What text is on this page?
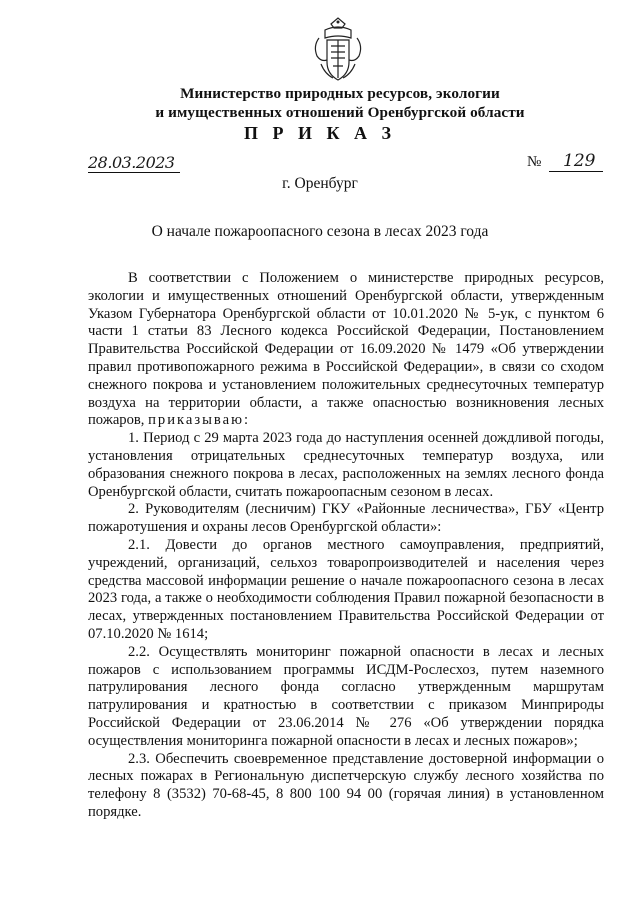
Министерство природных ресурсов, экологии
и имущественных отношений Оренбургской области
П Р И К А З
28.03.2023	№ 129
г. Оренбург
О начале пожароопасного сезона в лесах 2023 года

В соответствии с Положением о министерстве природных ресурсов, экологии и имущественных отношений Оренбургской области, утвержденным Указом Губернатора Оренбургской области от 10.01.2020 № 5-ук, с пунктом 6 части 1 статьи 83 Лесного кодекса Российской Федерации, Постановлением Правительства Российской Федерации от 16.09.2020 № 1479 «Об утверждении правил противопожарного режима в Российской Федерации», в связи со сходом снежного покрова и установлением положительных среднесуточных температур воздуха на территории области, а также опасностью возникновения лесных пожаров, приказываю:

1. Период с 29 марта 2023 года до наступления осенней дождливой погоды, установления отрицательных среднесуточных температур воздуха, или образования снежного покрова в лесах, расположенных на землях лесного фонда Оренбургской области, считать пожароопасным сезоном в лесах.

2. Руководителям (лесничим) ГКУ «Районные лесничества», ГБУ «Центр пожаротушения и охраны лесов Оренбургской области»:

2.1. Довести до органов местного самоуправления, предприятий, учреждений, организаций, сельхоз товаропроизводителей и населения через средства массовой информации решение о начале пожароопасного сезона в лесах 2023 года, а также о необходимости соблюдения Правил пожарной безопасности в лесах, утвержденных постановлением Правительства Российской Федерации от 07.10.2020 № 1614;

2.2. Осуществлять мониторинг пожарной опасности в лесах и лесных пожаров с использованием программы ИСДМ-Рослесхоз, путем наземного патрулирования лесного фонда согласно утвержденным маршрутам патрулирования и кратностью в соответствии с приказом Минприроды Российской Федерации от 23.06.2014 № 276 «Об утверждении порядка осуществления мониторинга пожарной опасности в лесах и лесных пожаров»;

2.3. Обеспечить своевременное представление достоверной информации о лесных пожарах в Региональную диспетчерскую службу лесного хозяйства по телефону 8 (3532) 70-68-45, 8 800 100 94 00 (горячая линия) в установленном порядке.
